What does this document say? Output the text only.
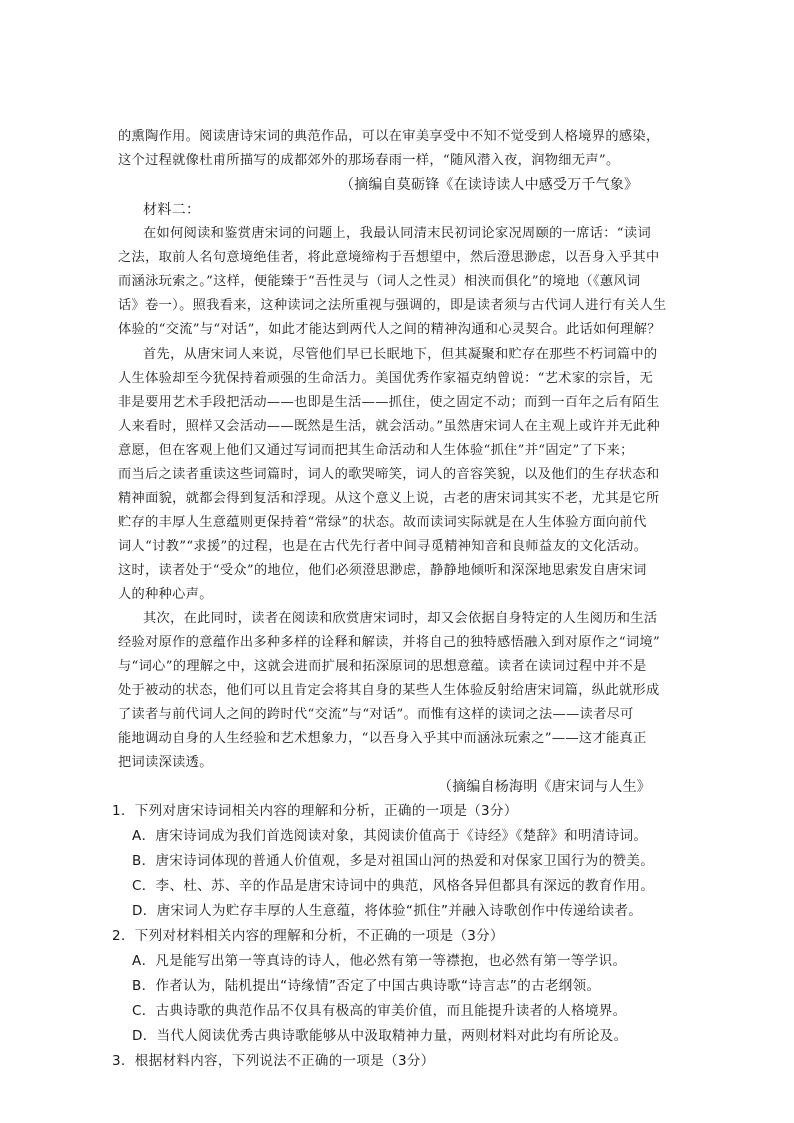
的熏陶作用。阅读唐诗宋词的典范作品，可以在审美享受中不知不觉受到人格境界的感染，
这个过程就像杜甫所描写的成都郊外的那场春雨一样，“随风潜入夜，润物细无声”。
（摘编自莫砺锋《在读诗读人中感受万千气象》
材料二：
在如何阅读和鉴赏唐宋词的问题上，我最认同清末民初词论家况周颐的一席话：“读词
之法，取前人名句意境绝佳者，将此意境缔构于吾想望中，然后澄思渺虑，以吾身入乎其中
而涵泳玩索之。”这样，便能臻于“吾性灵与（词人之性灵）相浃而俱化”的境地（《蕙风词
话》卷一）。照我看来，这种读词之法所重视与强调的，即是读者须与古代词人进行有关人生
体验的“交流”与“对话”，如此才能达到两代人之间的精神沟通和心灵契合。此话如何理解？
首先，从唐宋词人来说，尽管他们早已长眠地下，但其凝聚和贮存在那些不朽词篇中的
人生体验却至今犹保持着顽强的生命活力。美国优秀作家福克纳曾说：“艺术家的宗旨，无
非是要用艺术手段把活动——也即是生活——抓住，使之固定不动；而到一百年之后有陌生
人来看时，照样又会活动——既然是生活，就会活动。”虽然唐宋词人在主观上或许并无此种
意愿，但在客观上他们又通过写词而把其生命活动和人生体验“抓住”并“固定”了下来；
而当后之读者重读这些词篇时，词人的歌哭啼笑，词人的音容笑貌，以及他们的生存状态和
精神面貌，就都会得到复活和浮现。从这个意义上说，古老的唐宋词其实不老，尤其是它所
贮存的丰厚人生意蕴则更保持着“常绿”的状态。故而读词实际就是在人生体验方面向前代
词人“讨教”“求援”的过程，也是在古代先行者中间寻觅精神知音和良师益友的文化活动。
这时，读者处于“受众”的地位，他们必须澄思渺虑，静静地倾听和深深地思索发自唐宋词
人的种种心声。
其次，在此同时，读者在阅读和欣赏唐宋词时，却又会依据自身特定的人生阅历和生活
经验对原作的意蕴作出多种多样的诠释和解读，并将自己的独特感悟融入到对原作之“词境”
与“词心”的理解之中，这就会进而扩展和拓深原词的思想意蕴。读者在读词过程中并不是
处于被动的状态，他们可以且肯定会将其自身的某些人生体验反射给唐宋词篇，纵此就形成
了读者与前代词人之间的跨时代“交流”与“对话”。而惟有这样的读词之法——读者尽可
能地调动自身的人生经验和艺术想象力，“以吾身入乎其中而涵泳玩索之”——这才能真正
把词读深读透。
（摘编自杨海明《唐宋词与人生》
1．下列对唐宋诗词相关内容的理解和分析，正确的一项是（3分）
A．唐宋诗词成为我们首选阅读对象，其阅读价值高于《诗经》《楚辞》和明清诗词。
B．唐宋诗词体现的普通人价值观，多是对祖国山河的热爱和对保家卫国行为的赞美。
C．李、杜、苏、辛的作品是唐宋诗词中的典范，风格各异但都具有深远的教育作用。
D．唐宋词人为贮存丰厚的人生意蕴，将体验“抓住”并融入诗歌创作中传递给读者。
2．下列对材料相关内容的理解和分析，不正确的一项是（3分）
A．凡是能写出第一等真诗的诗人，他必然有第一等襟抱，也必然有第一等学识。
B．作者认为，陆机提出“诗缘情”否定了中国古典诗歌“诗言志”的古老纲领。
C．古典诗歌的典范作品不仅具有极高的审美价值，而且能提升读者的人格境界。
D．当代人阅读优秀古典诗歌能够从中汲取精神力量，两则材料对此均有所论及。
3．根据材料内容，下列说法不正确的一项是（3分）
